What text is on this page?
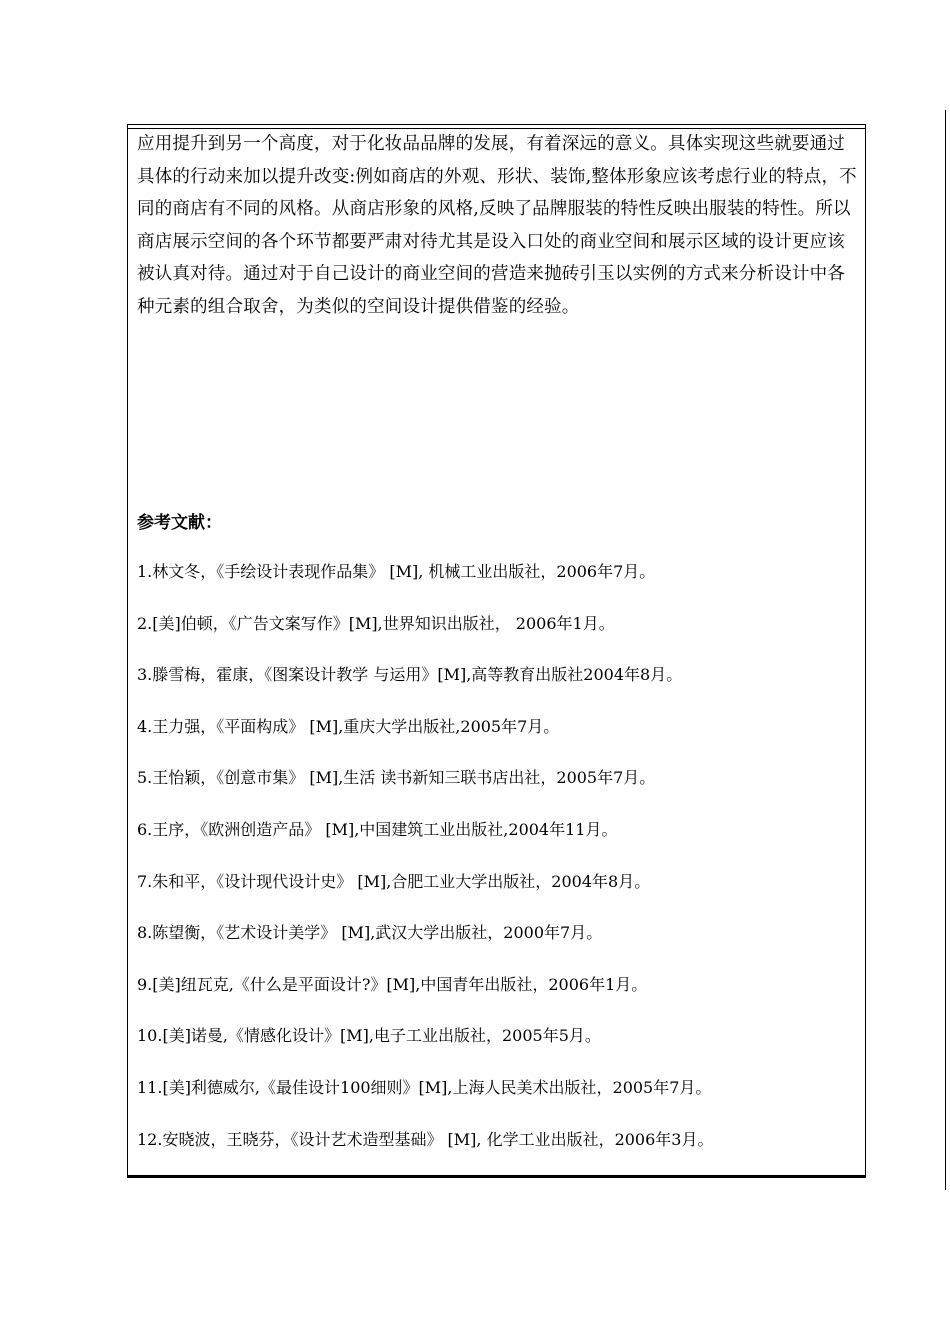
应用提升到另一个高度，对于化妆品品牌的发展，有着深远的意义。具体实现这些就要通过具体的行动来加以提升改变:例如商店的外观、形状、装饰,整体形象应该考虑行业的特点，不同的商店有不同的风格。从商店形象的风格,反映了品牌服装的特性反映出服装的特性。所以商店展示空间的各个环节都要严肃对待尤其是设入口处的商业空间和展示区域的设计更应该被认真对待。通过对于自己设计的商业空间的营造来抛砖引玉以实例的方式来分析设计中各种元素的组合取舍，为类似的空间设计提供借鉴的经验。

参考文献：
1.林文冬，《手绘设计表现作品集》 [M], 机械工业出版社，2006年7月。
2.[美]伯顿，《广告文案写作》[M],世界知识出版社， 2006年1月。
3.滕雪梅，霍康，《图案设计教学 与运用》[M],高等教育出版社2004年8月。
4.王力强，《平面构成》 [M],重庆大学出版社,2005年7月。
5.王怡颖，《创意市集》 [M],生活 读书新知三联书店出社，2005年7月。
6.王序，《欧洲创造产品》 [M],中国建筑工业出版社,2004年11月。
7.朱和平，《设计现代设计史》 [M],合肥工业大学出版社，2004年8月。
8.陈望衡，《艺术设计美学》 [M],武汉大学出版社，2000年7月。
9.[美]纽瓦克,《什么是平面设计?》[M],中国青年出版社，2006年1月。
10.[美]诺曼,《情感化设计》[M],电子工业出版社，2005年5月。
11.[美]利德威尔,《最佳设计100细则》[M],上海人民美术出版社，2005年7月。
12.安晓波，王晓芬，《设计艺术造型基础》 [M], 化学工业出版社，2006年3月。
